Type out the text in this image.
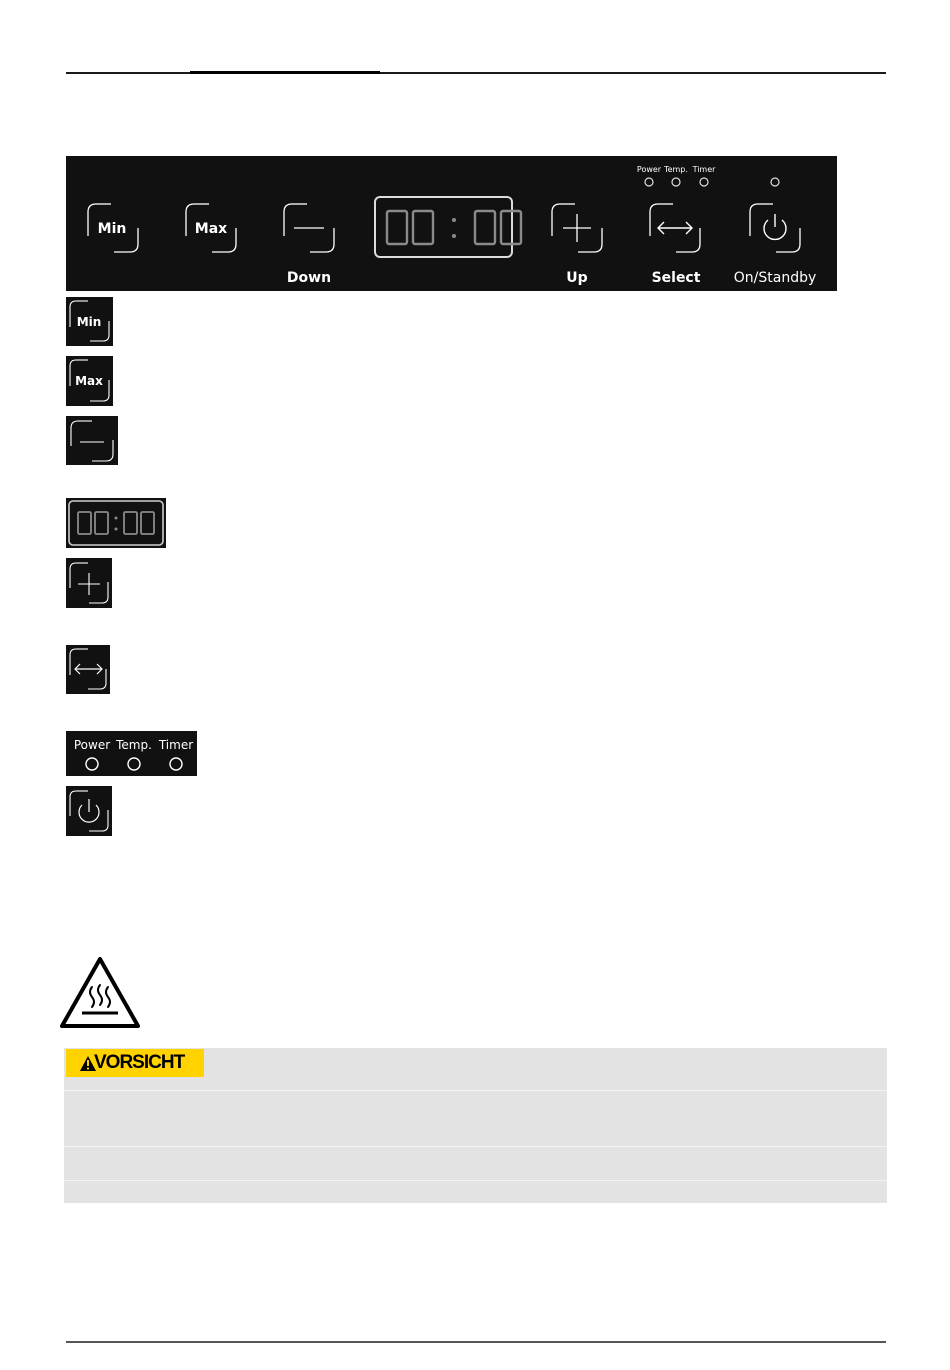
Min	Max
Down	Up
Power Temp. Timer
Select On/Standby
Min
Max
Power Temp. Timer
VORSICHT
